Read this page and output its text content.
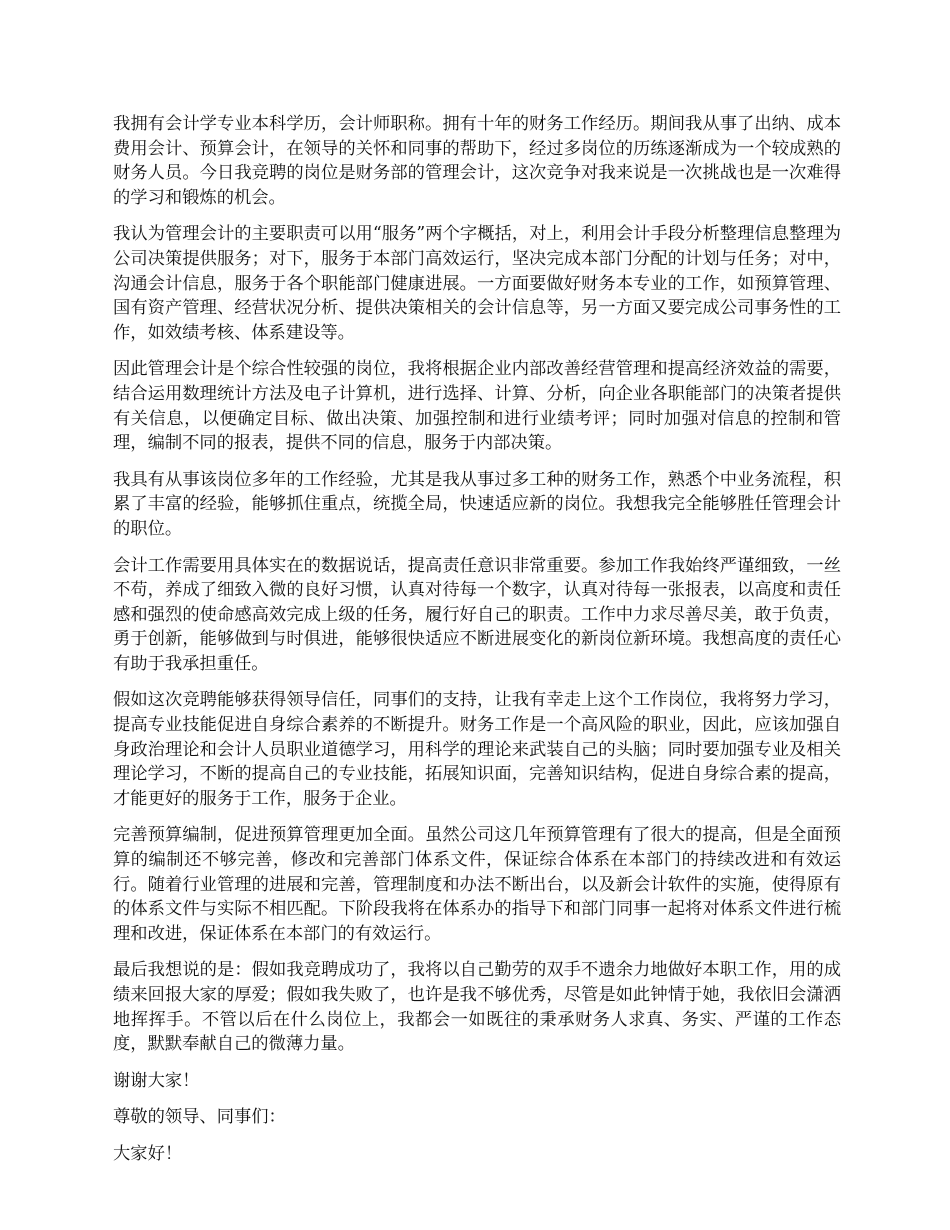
我拥有会计学专业本科学历，会计师职称。拥有十年的财务工作经历。期间我从事了出纳、成本费用会计、预算会计，在领导的关怀和同事的帮助下，经过多岗位的历练逐渐成为一个较成熟的财务人员。今日我竞聘的岗位是财务部的管理会计，这次竞争对我来说是一次挑战也是一次难得的学习和锻炼的机会。

我认为管理会计的主要职责可以用“服务”两个字概括，对上，利用会计手段分析整理信息整理为公司决策提供服务；对下，服务于本部门高效运行，坚决完成本部门分配的计划与任务；对中，沟通会计信息，服务于各个职能部门健康进展。一方面要做好财务本专业的工作，如预算管理、国有资产管理、经营状况分析、提供决策相关的会计信息等，另一方面又要完成公司事务性的工作，如效绩考核、体系建设等。

因此管理会计是个综合性较强的岗位，我将根据企业内部改善经营管理和提高经济效益的需要，结合运用数理统计方法及电子计算机，进行选择、计算、分析，向企业各职能部门的决策者提供有关信息，以便确定目标、做出决策、加强控制和进行业绩考评；同时加强对信息的控制和管理，编制不同的报表，提供不同的信息，服务于内部决策。

我具有从事该岗位多年的工作经验，尤其是我从事过多工种的财务工作，熟悉个中业务流程，积累了丰富的经验，能够抓住重点，统揽全局，快速适应新的岗位。我想我完全能够胜任管理会计的职位。

会计工作需要用具体实在的数据说话，提高责任意识非常重要。参加工作我始终严谨细致，一丝不苟，养成了细致入微的良好习惯，认真对待每一个数字，认真对待每一张报表，以高度和责任感和强烈的使命感高效完成上级的任务，履行好自己的职责。工作中力求尽善尽美，敢于负责，勇于创新，能够做到与时俱进，能够很快适应不断进展变化的新岗位新环境。我想高度的责任心有助于我承担重任。

假如这次竞聘能够获得领导信任，同事们的支持，让我有幸走上这个工作岗位，我将努力学习，提高专业技能促进自身综合素养的不断提升。财务工作是一个高风险的职业，因此，应该加强自身政治理论和会计人员职业道德学习，用科学的理论来武装自己的头脑；同时要加强专业及相关理论学习，不断的提高自己的专业技能，拓展知识面，完善知识结构，促进自身综合素的提高，才能更好的服务于工作，服务于企业。

完善预算编制，促进预算管理更加全面。虽然公司这几年预算管理有了很大的提高，但是全面预算的编制还不够完善，修改和完善部门体系文件，保证综合体系在本部门的持续改进和有效运行。随着行业管理的进展和完善，管理制度和办法不断出台，以及新会计软件的实施，使得原有的体系文件与实际不相匹配。下阶段我将在体系办的指导下和部门同事一起将对体系文件进行梳理和改进，保证体系在本部门的有效运行。

最后我想说的是：假如我竞聘成功了，我将以自己勤劳的双手不遗余力地做好本职工作，用的成绩来回报大家的厚爱；假如我失败了，也许是我不够优秀，尽管是如此钟情于她，我依旧会潇洒地挥挥手。不管以后在什么岗位上，我都会一如既往的秉承财务人求真、务实、严谨的工作态度，默默奉献自己的微薄力量。

谢谢大家！

尊敬的领导、同事们：

大家好！
